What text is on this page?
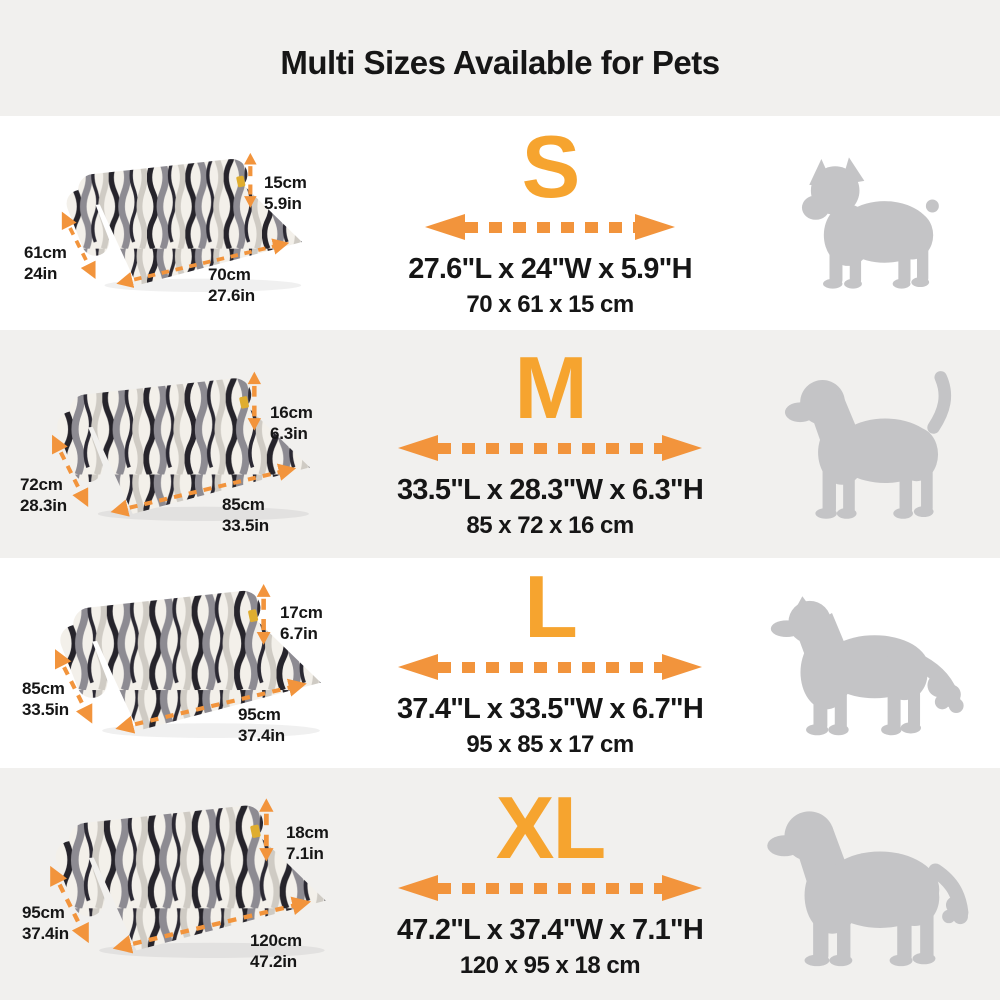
Multi Sizes Available for Pets
15cm
5.9in
61cm
24in	70cm
27.6in
S
27.6"L x 24"W x 5.9"H
70 x 61 x 15 cm
16cm
6.3in
72cm
28.3in	85cm
33.5in
M
33.5"L x 28.3"W x 6.3"H
85 x 72 x 16 cm
17cm
6.7in
85cm
33.5in	95cm
37.4in
L
37.4"L x 33.5"W x 6.7"H
95 x 85 x 17 cm
18cm
7.1in
95cm
37.4in	120cm
47.2in
XL
47.2"L x 37.4"W x 7.1"H
120 x 95 x 18 cm
